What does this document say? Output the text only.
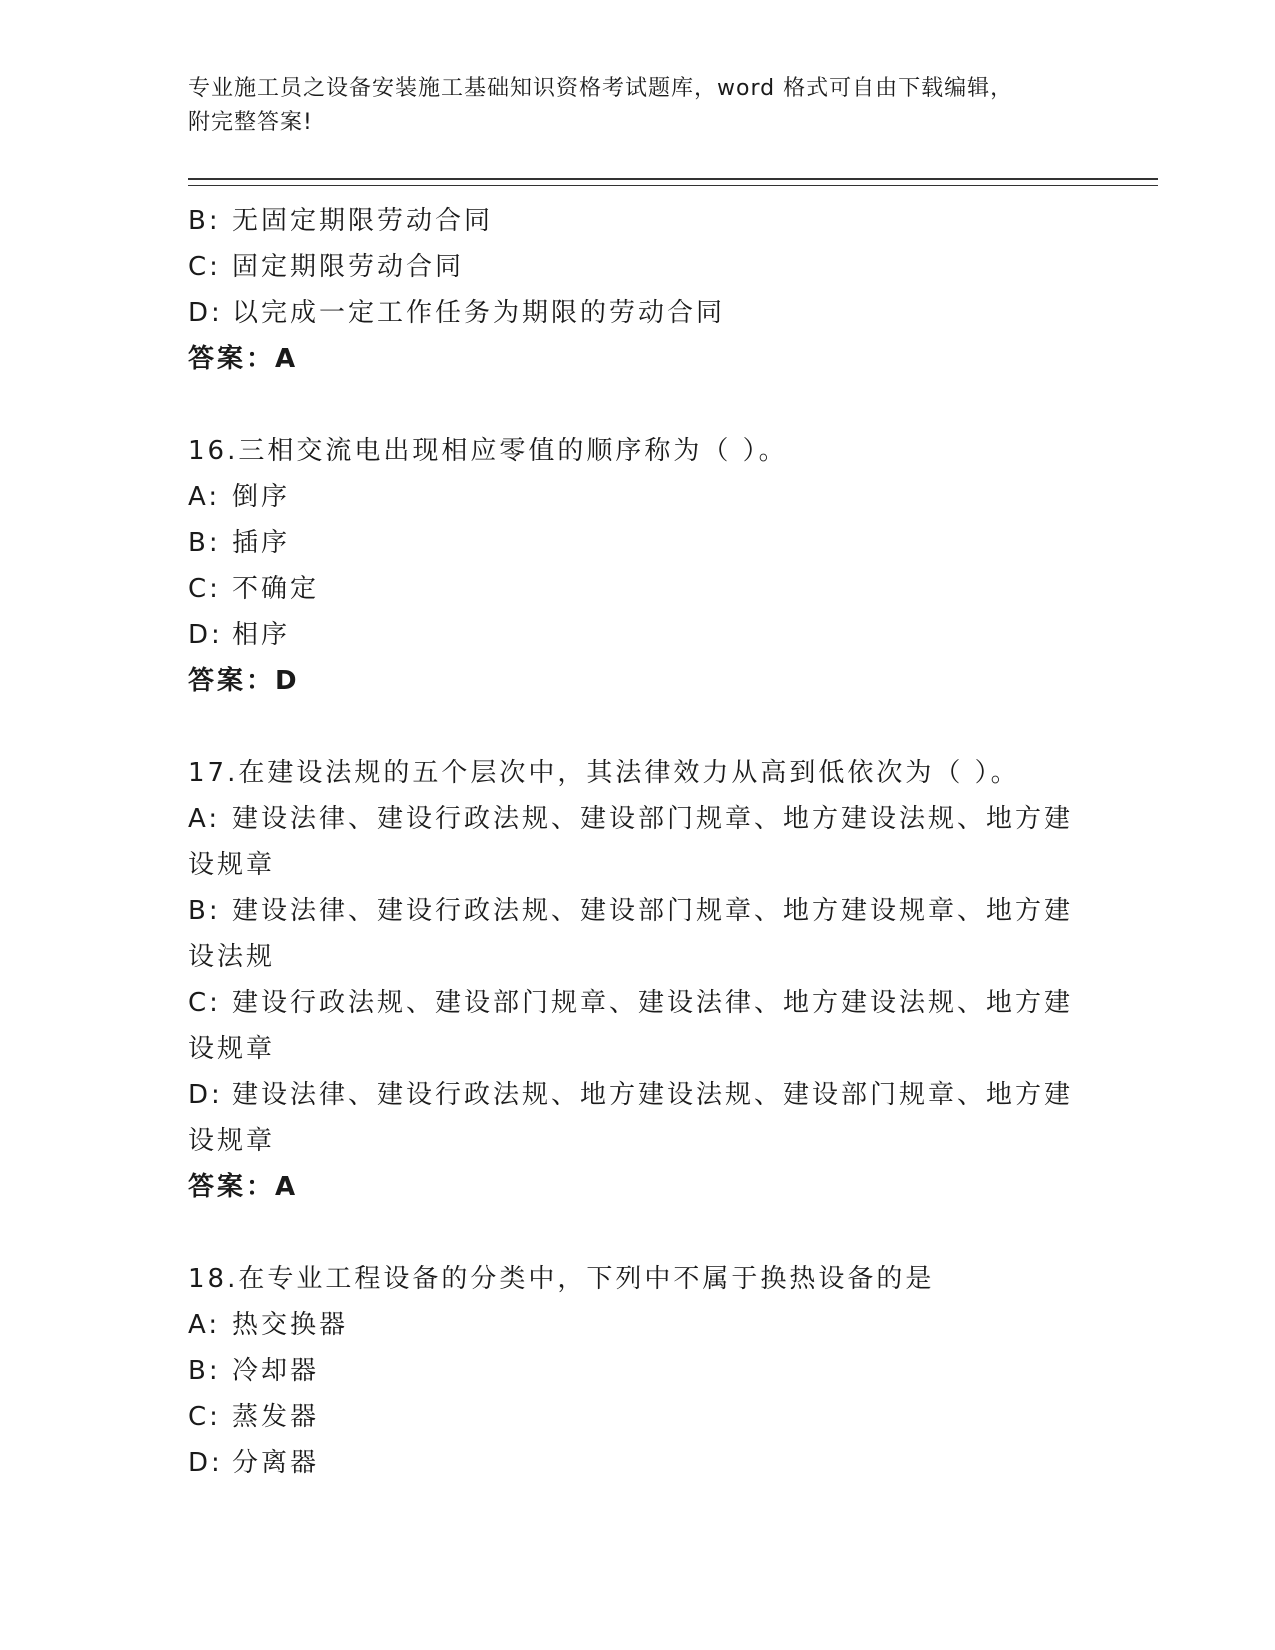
专业施工员之设备安装施工基础知识资格考试题库，word 格式可自由下载编辑，
附完整答案!
B: 无固定期限劳动合同
C: 固定期限劳动合同
D: 以完成一定工作任务为期限的劳动合同
答案：A
16.三相交流电出现相应零值的顺序称为（ ）。
A: 倒序
B: 插序
C: 不确定
D: 相序
答案：D
17.在建设法规的五个层次中，其法律效力从高到低依次为（ ）。
A: 建设法律、建设行政法规、建设部门规章、地方建设法规、地方建
设规章
B: 建设法律、建设行政法规、建设部门规章、地方建设规章、地方建
设法规
C: 建设行政法规、建设部门规章、建设法律、地方建设法规、地方建
设规章
D: 建设法律、建设行政法规、地方建设法规、建设部门规章、地方建
设规章
答案：A
18.在专业工程设备的分类中，下列中不属于换热设备的是
A: 热交换器
B: 冷却器
C: 蒸发器
D: 分离器
